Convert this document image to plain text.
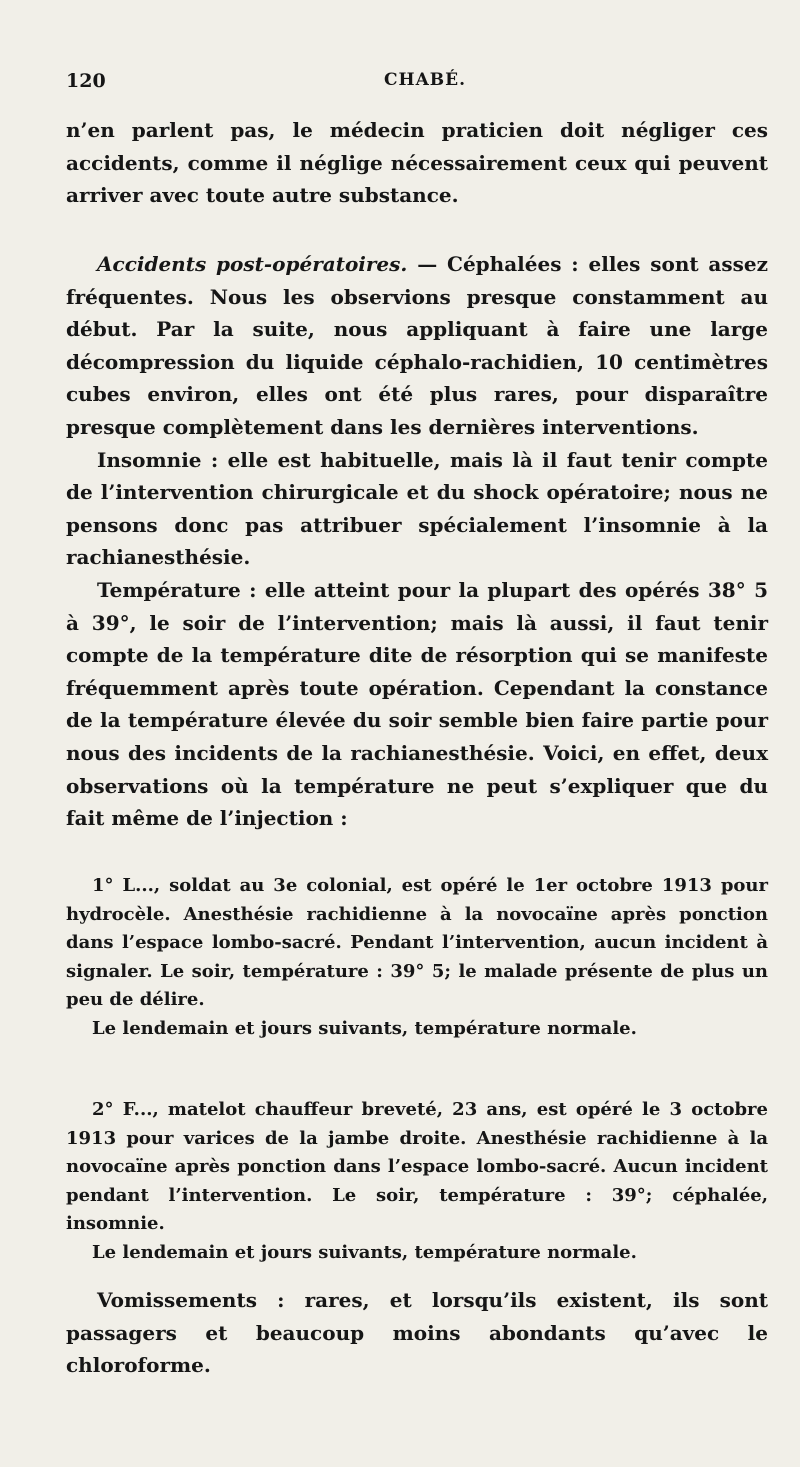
120	CHABÉ.

n’en parlent pas, le médecin praticien doit négliger ces accidents, comme il néglige nécessairement ceux qui peuvent arriver avec toute autre substance.

Accidents post-opératoires. — Céphalées : elles sont assez fréquentes. Nous les observions presque constamment au début. Par la suite, nous appliquant à faire une large décompression du liquide céphalo-rachidien, 10 centimètres cubes environ, elles ont été plus rares, pour disparaître presque complètement dans les dernières interventions.

Insomnie : elle est habituelle, mais là il faut tenir compte de l’intervention chirurgicale et du shock opératoire; nous ne pensons donc pas attribuer spécialement l’insomnie à la rachianesthésie.

Température : elle atteint pour la plupart des opérés 38° 5 à 39°, le soir de l’intervention; mais là aussi, il faut tenir compte de la température dite de résorption qui se manifeste fréquemment après toute opération. Cependant la constance de la température élevée du soir semble bien faire partie pour nous des incidents de la rachianesthésie. Voici, en effet, deux observations où la température ne peut s’expliquer que du fait même de l’injection :

1° L..., soldat au 3e colonial, est opéré le 1er octobre 1913 pour hydrocèle. Anesthésie rachidienne à la novocaïne après ponction dans l’espace lombo-sacré. Pendant l’intervention, aucun incident à signaler. Le soir, température : 39° 5; le malade présente de plus un peu de délire.

Le lendemain et jours suivants, température normale.

2° F..., matelot chauffeur breveté, 23 ans, est opéré le 3 octobre 1913 pour varices de la jambe droite. Anesthésie rachidienne à la novocaïne après ponction dans l’espace lombo-sacré. Aucun incident pendant l’intervention. Le soir, température : 39°; céphalée, insomnie.

Le lendemain et jours suivants, température normale.

Vomissements : rares, et lorsqu’ils existent, ils sont passagers et beaucoup moins abondants qu’avec le chloroforme.
